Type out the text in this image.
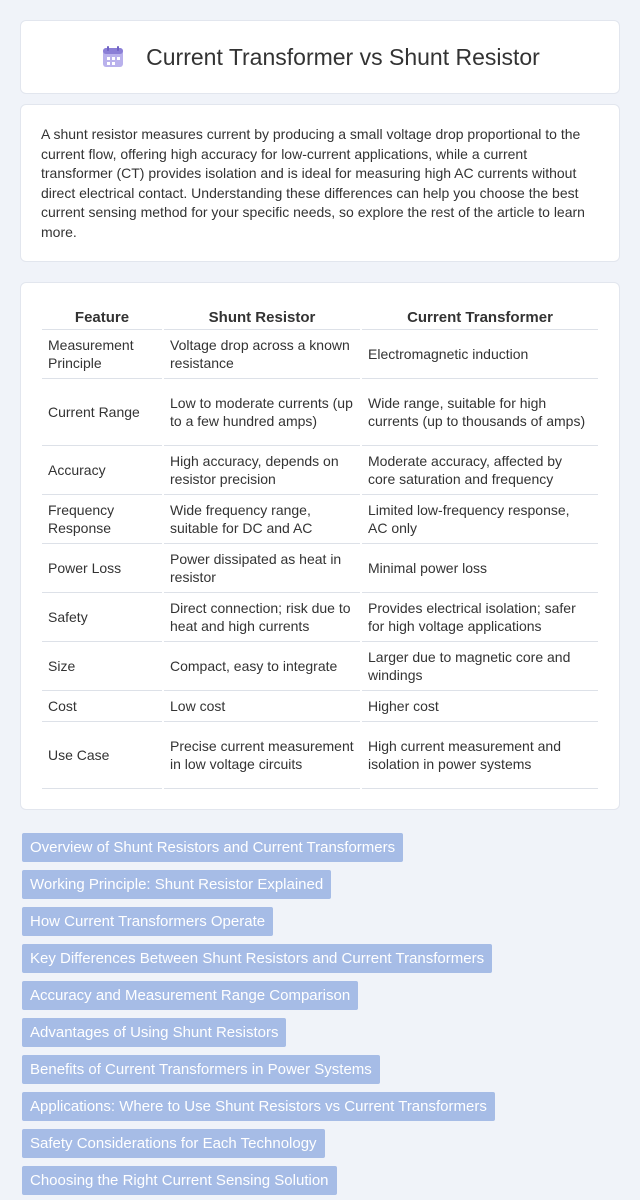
Current Transformer vs Shunt Resistor

A shunt resistor measures current by producing a small voltage drop proportional to the current flow, offering high accuracy for low-current applications, while a current transformer (CT) provides isolation and is ideal for measuring high AC currents without direct electrical contact. Understanding these differences can help you choose the best current sensing method for your specific needs, so explore the rest of the article to learn more.

Feature	Shunt Resistor	Current Transformer
Measurement Principle	Voltage drop across a known resistance	Electromagnetic induction
Current Range	Low to moderate currents (up to a few hundred amps)	Wide range, suitable for high currents (up to thousands of amps)
Accuracy	High accuracy, depends on resistor precision	Moderate accuracy, affected by core saturation and frequency
Frequency Response	Wide frequency range, suitable for DC and AC	Limited low-frequency response, AC only
Power Loss	Power dissipated as heat in resistor	Minimal power loss
Safety	Direct connection; risk due to heat and high currents	Provides electrical isolation; safer for high voltage applications
Size	Compact, easy to integrate	Larger due to magnetic core and windings
Cost	Low cost	Higher cost
Use Case	Precise current measurement in low voltage circuits	High current measurement and isolation in power systems
Overview of Shunt Resistors and Current Transformers
Working Principle: Shunt Resistor Explained
How Current Transformers Operate
Key Differences Between Shunt Resistors and Current Transformers
Accuracy and Measurement Range Comparison
Advantages of Using Shunt Resistors
Benefits of Current Transformers in Power Systems
Applications: Where to Use Shunt Resistors vs Current Transformers
Safety Considerations for Each Technology
Choosing the Right Current Sensing Solution
